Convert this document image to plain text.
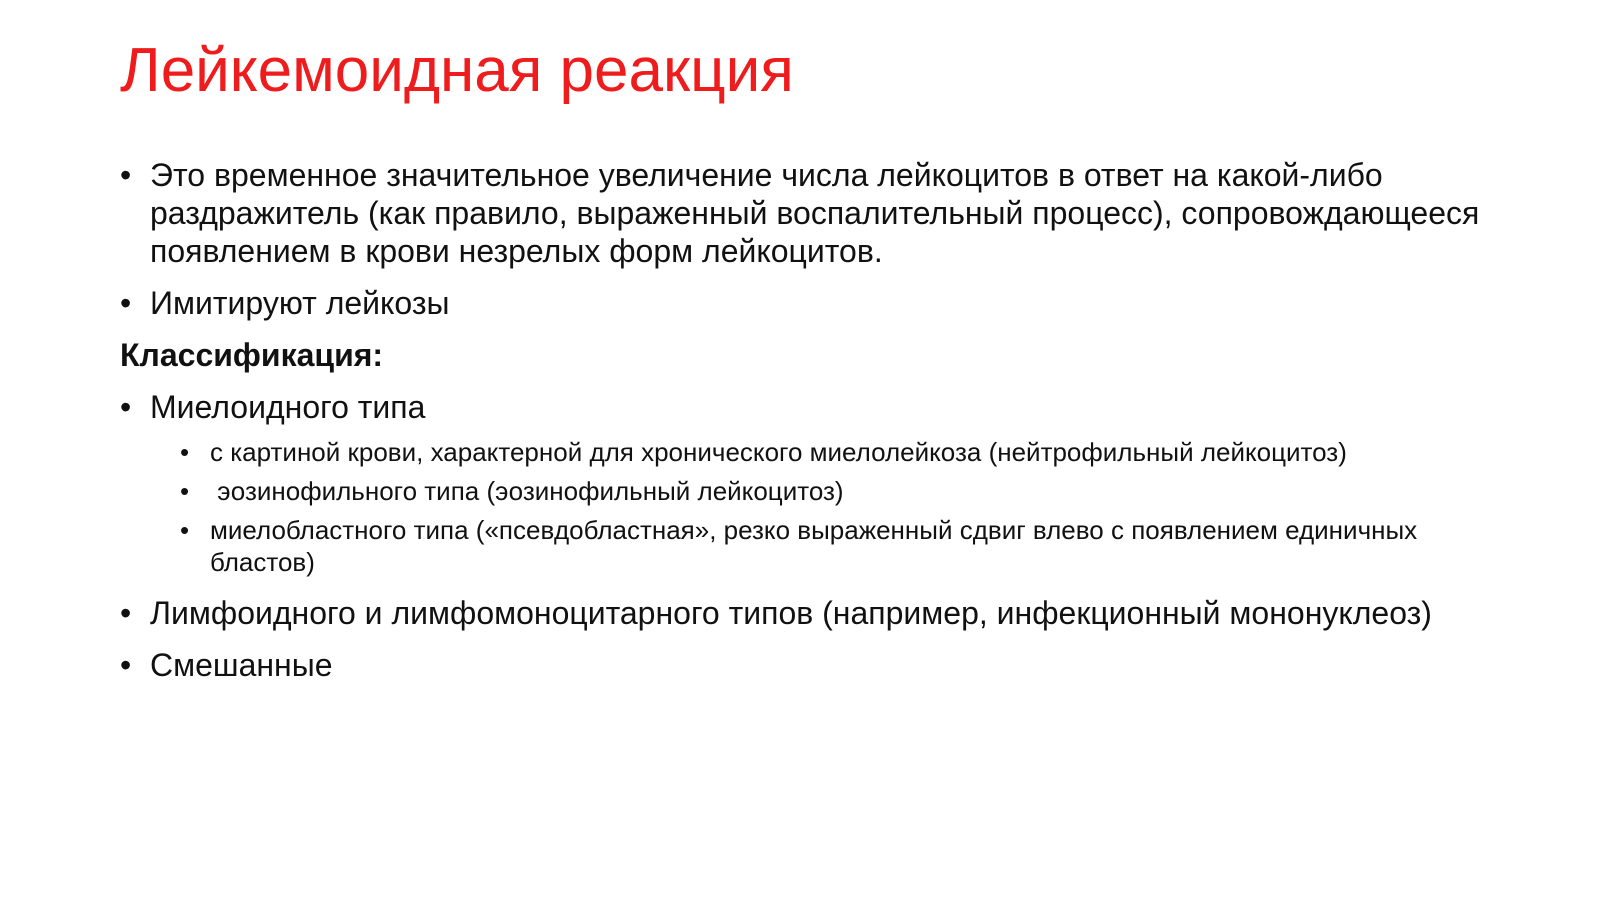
Лейкемоидная реакция
• Это временное значительное увеличение числа лейкоцитов в ответ на какой-либо раздражитель (как правило, выраженный воспалительный процесс), сопровождающееся появлением в крови незрелых форм лейкоцитов.
• Имитируют лейкозы
Классификация:
• Миелоидного типа
• с картиной крови, характерной для хронического миелолейкоза (нейтрофильный лейкоцитоз)
•  эозинофильного типа (эозинофильный лейкоцитоз)
• миелобластного типа («псевдобластная», резко выраженный сдвиг влево с появлением единичных бластов)
• Лимфоидного и лимфомоноцитарного типов (например, инфекционный мононуклеоз)
• Смешанные
